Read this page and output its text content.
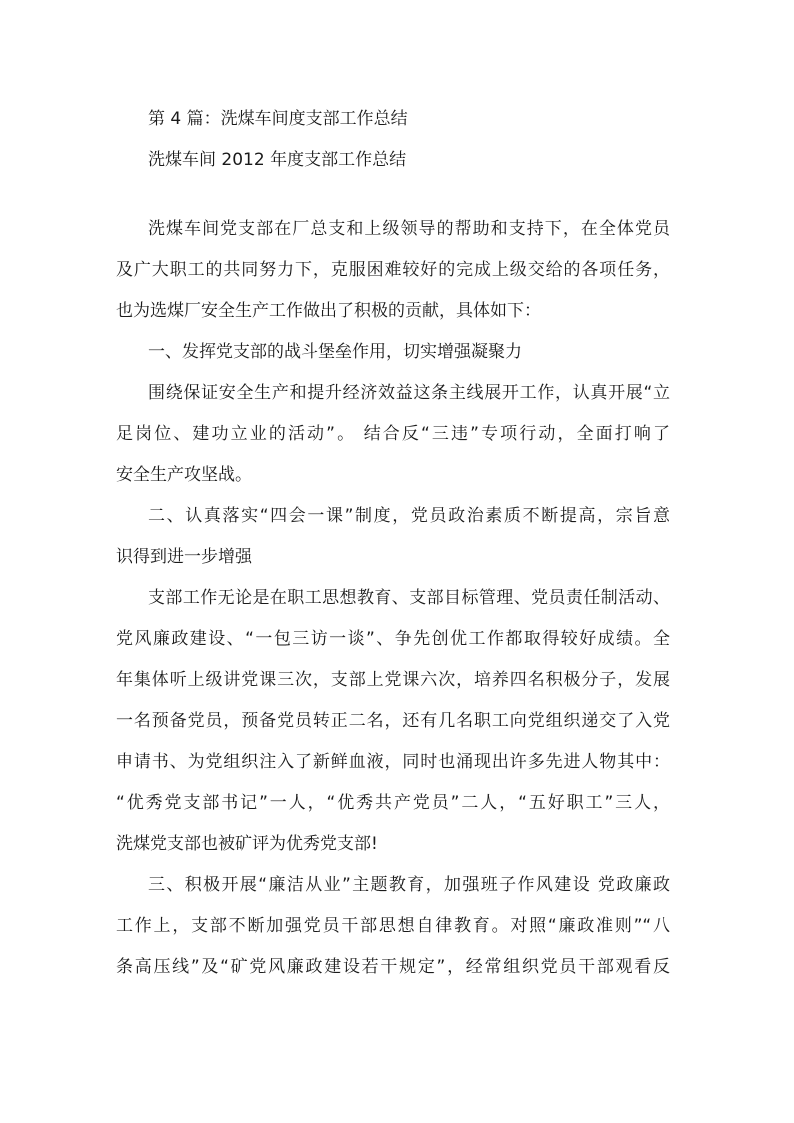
第 4 篇：洗煤车间度支部工作总结
洗煤车间 2012 年度支部工作总结
洗煤车间党支部在厂总支和上级领导的帮助和支持下，在全体党员
及广大职工的共同努力下，克服困难较好的完成上级交给的各项任务，
也为选煤厂安全生产工作做出了积极的贡献，具体如下：
一、发挥党支部的战斗堡垒作用，切实增强凝聚力
围绕保证安全生产和提升经济效益这条主线展开工作，认真开展“立
足岗位、建功立业的活动”。 结合反“三违”专项行动，全面打响了
安全生产攻坚战。
二、认真落实“四会一课”制度，党员政治素质不断提高，宗旨意
识得到进一步增强
支部工作无论是在职工思想教育、支部目标管理、党员责任制活动、
党风廉政建设、“一包三访一谈”、争先创优工作都取得较好成绩。全
年集体听上级讲党课三次，支部上党课六次，培养四名积极分子，发展
一名预备党员，预备党员转正二名，还有几名职工向党组织递交了入党
申请书、为党组织注入了新鲜血液，同时也涌现出许多先进人物其中：
“优秀党支部书记”一人，“优秀共产党员”二人，“五好职工”三人，
洗煤党支部也被矿评为优秀党支部!
三、积极开展“廉洁从业”主题教育，加强班子作风建设 党政廉政
工作上，支部不断加强党员干部思想自律教育。对照“廉政准则”“八
条高压线”及“矿党风廉政建设若干规定”，经常组织党员干部观看反
